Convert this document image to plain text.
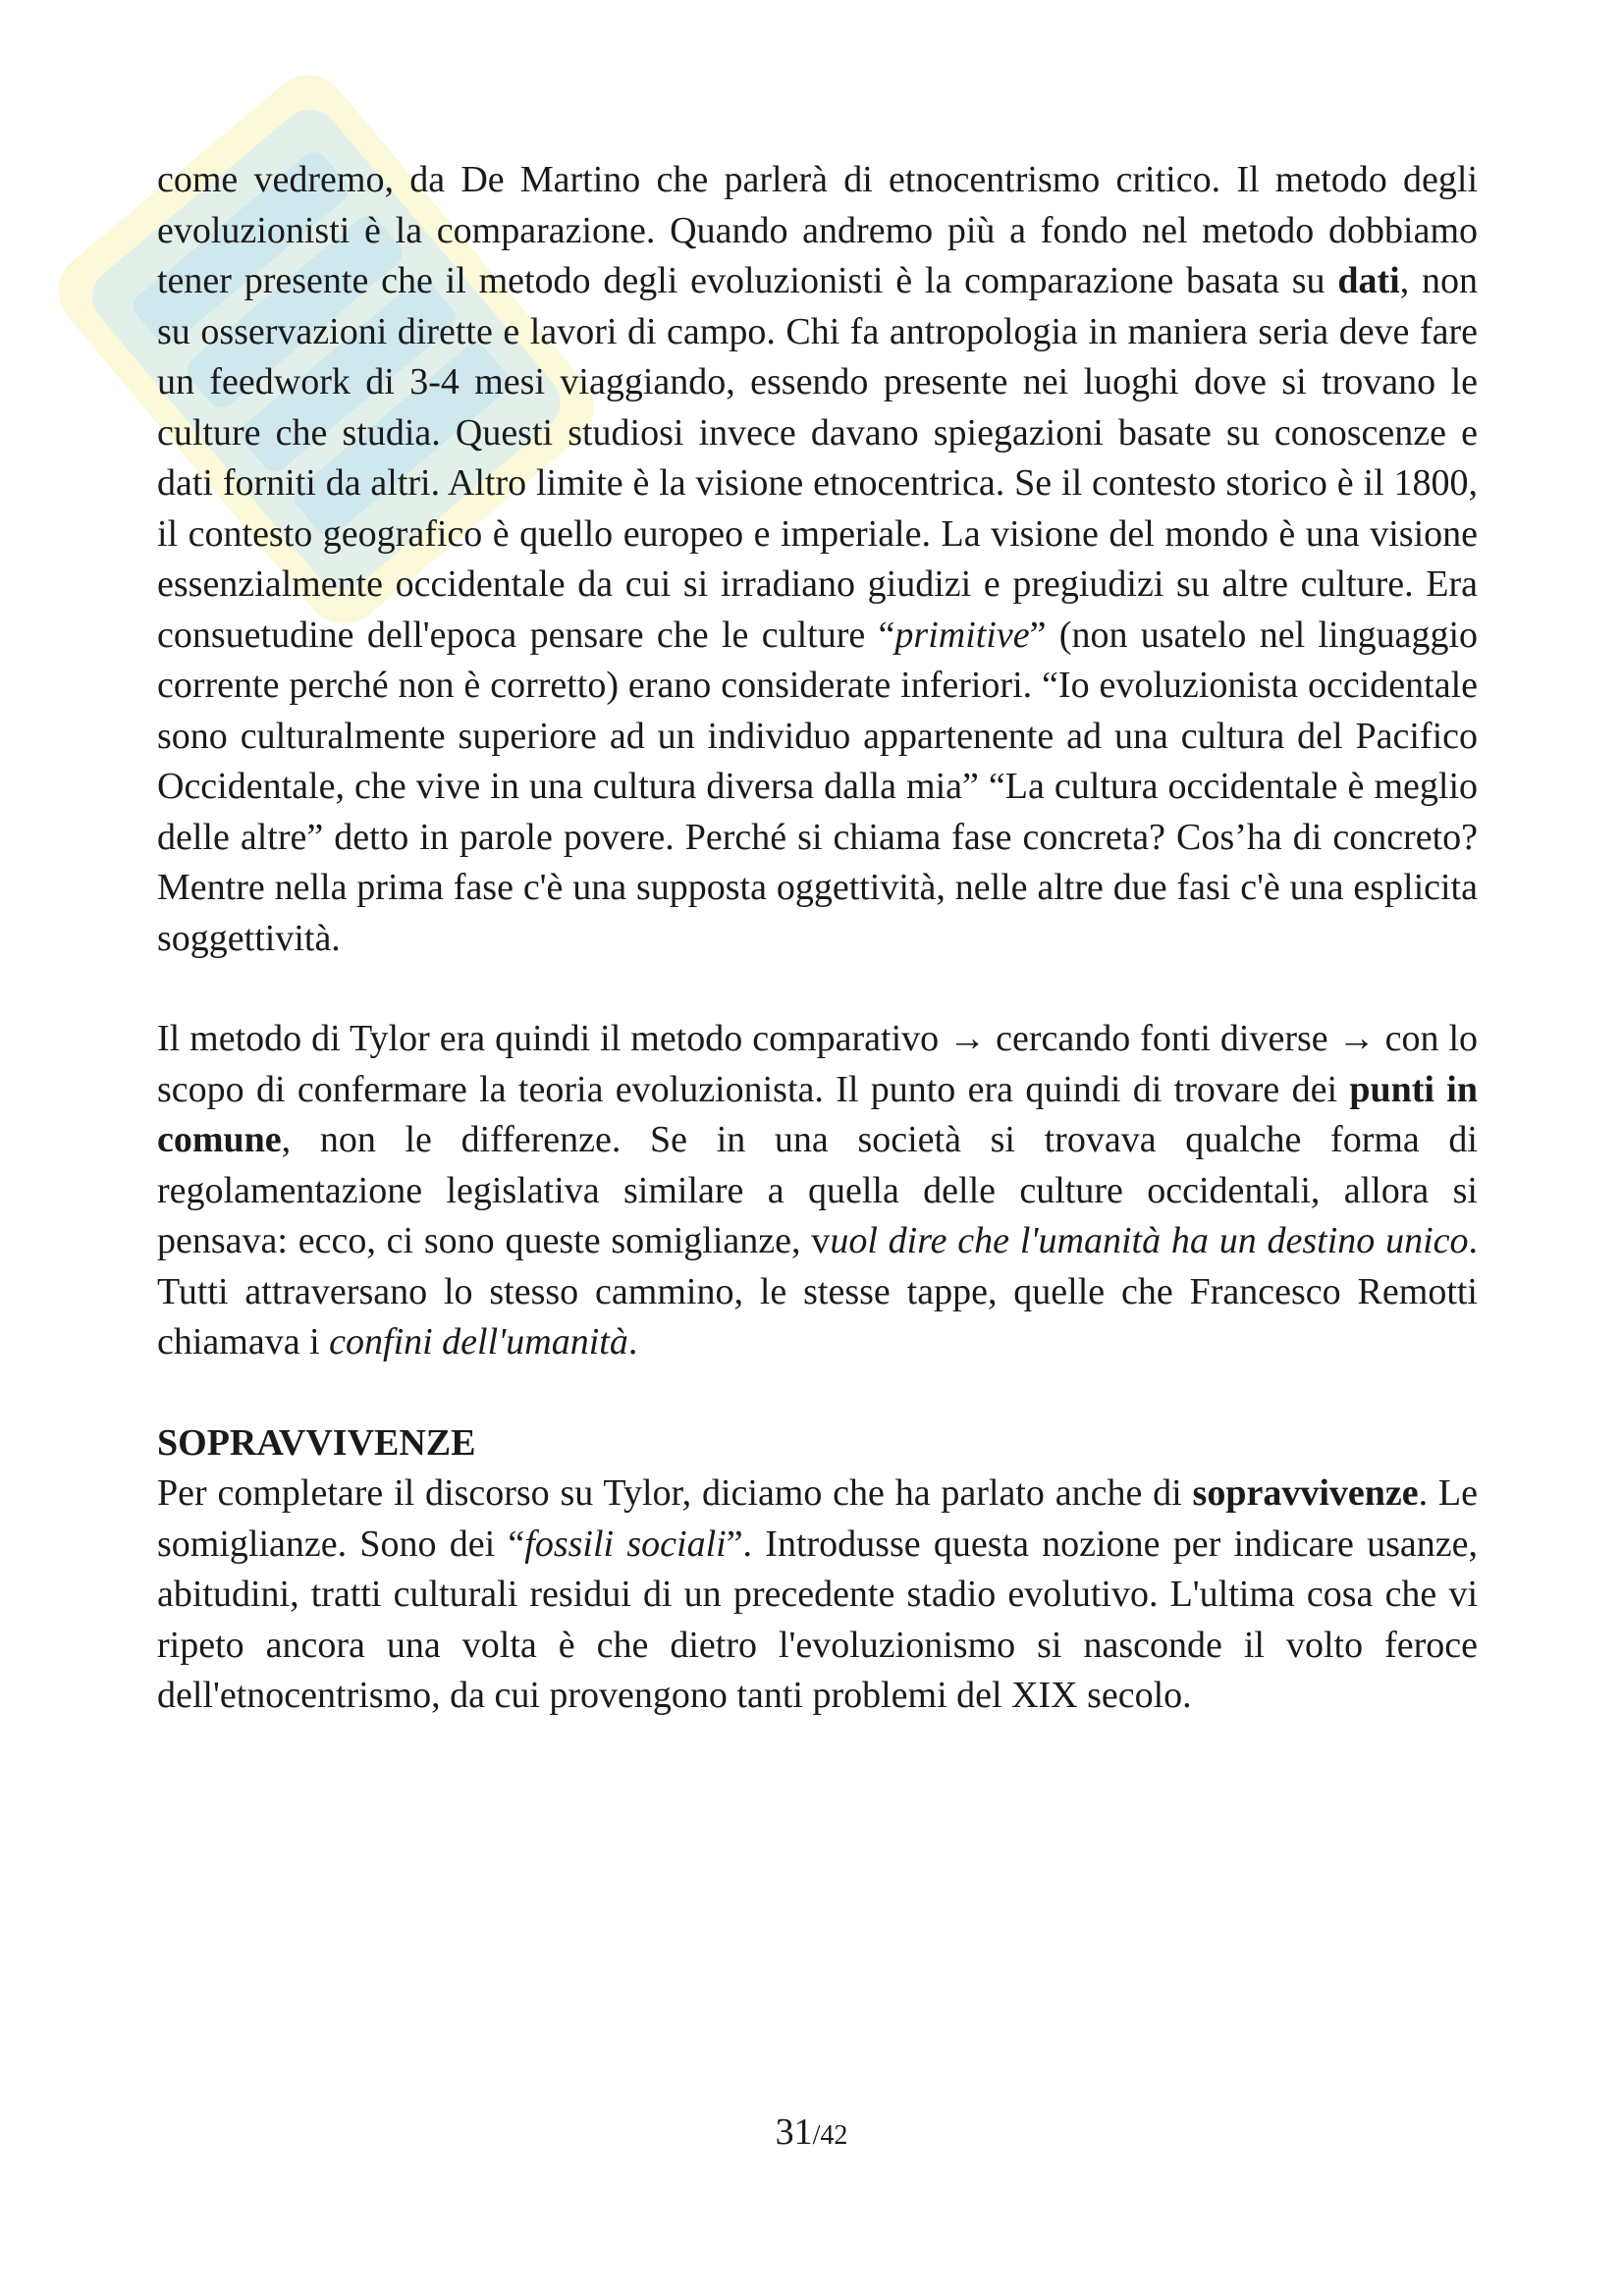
come vedremo, da De Martino che parlerà di etnocentrismo critico. Il metodo degli evoluzionisti è la comparazione. Quando andremo più a fondo nel metodo dobbiamo tener presente che il metodo degli evoluzionisti è la comparazione basata su dati, non su osservazioni dirette e lavori di campo. Chi fa antropologia in maniera seria deve fare un feedwork di 3-4 mesi viaggiando, essendo presente nei luoghi dove si trovano le culture che studia. Questi studiosi invece davano spiegazioni basate su conoscenze e dati forniti da altri. Altro limite è la visione etnocentrica. Se il contesto storico è il 1800, il contesto geografico è quello europeo e imperiale. La visione del mondo è una visione essenzialmente occidentale da cui si irradiano giudizi e pregiudizi su altre culture. Era consuetudine dell'epoca pensare che le culture “primitive” (non usatelo nel linguaggio corrente perché non è corretto) erano considerate inferiori. “Io evoluzionista occidentale sono culturalmente superiore ad un individuo appartenente ad una cultura del Pacifico Occidentale, che vive in una cultura diversa dalla mia” “La cultura occidentale è meglio delle altre” detto in parole povere. Perché si chiama fase concreta? Cos’ha di concreto? Mentre nella prima fase c'è una supposta oggettività, nelle altre due fasi c'è una esplicita soggettività.

Il metodo di Tylor era quindi il metodo comparativo → cercando fonti diverse → con lo scopo di confermare la teoria evoluzionista. Il punto era quindi di trovare dei punti in comune, non le differenze. Se in una società si trovava qualche forma di regolamentazione legislativa similare a quella delle culture occidentali, allora si pensava: ecco, ci sono queste somiglianze, vuol dire che l'umanità ha un destino unico. Tutti attraversano lo stesso cammino, le stesse tappe, quelle che Francesco Remotti chiamava i confini dell'umanità.

SOPRAVVIVENZE

Per completare il discorso su Tylor, diciamo che ha parlato anche di sopravvivenze. Le somiglianze. Sono dei “fossili sociali”. Introdusse questa nozione per indicare usanze, abitudini, tratti culturali residui di un precedente stadio evolutivo. L'ultima cosa che vi ripeto ancora una volta è che dietro l'evoluzionismo si nasconde il volto feroce dell'etnocentrismo, da cui provengono tanti problemi del XIX secolo.

31/42
